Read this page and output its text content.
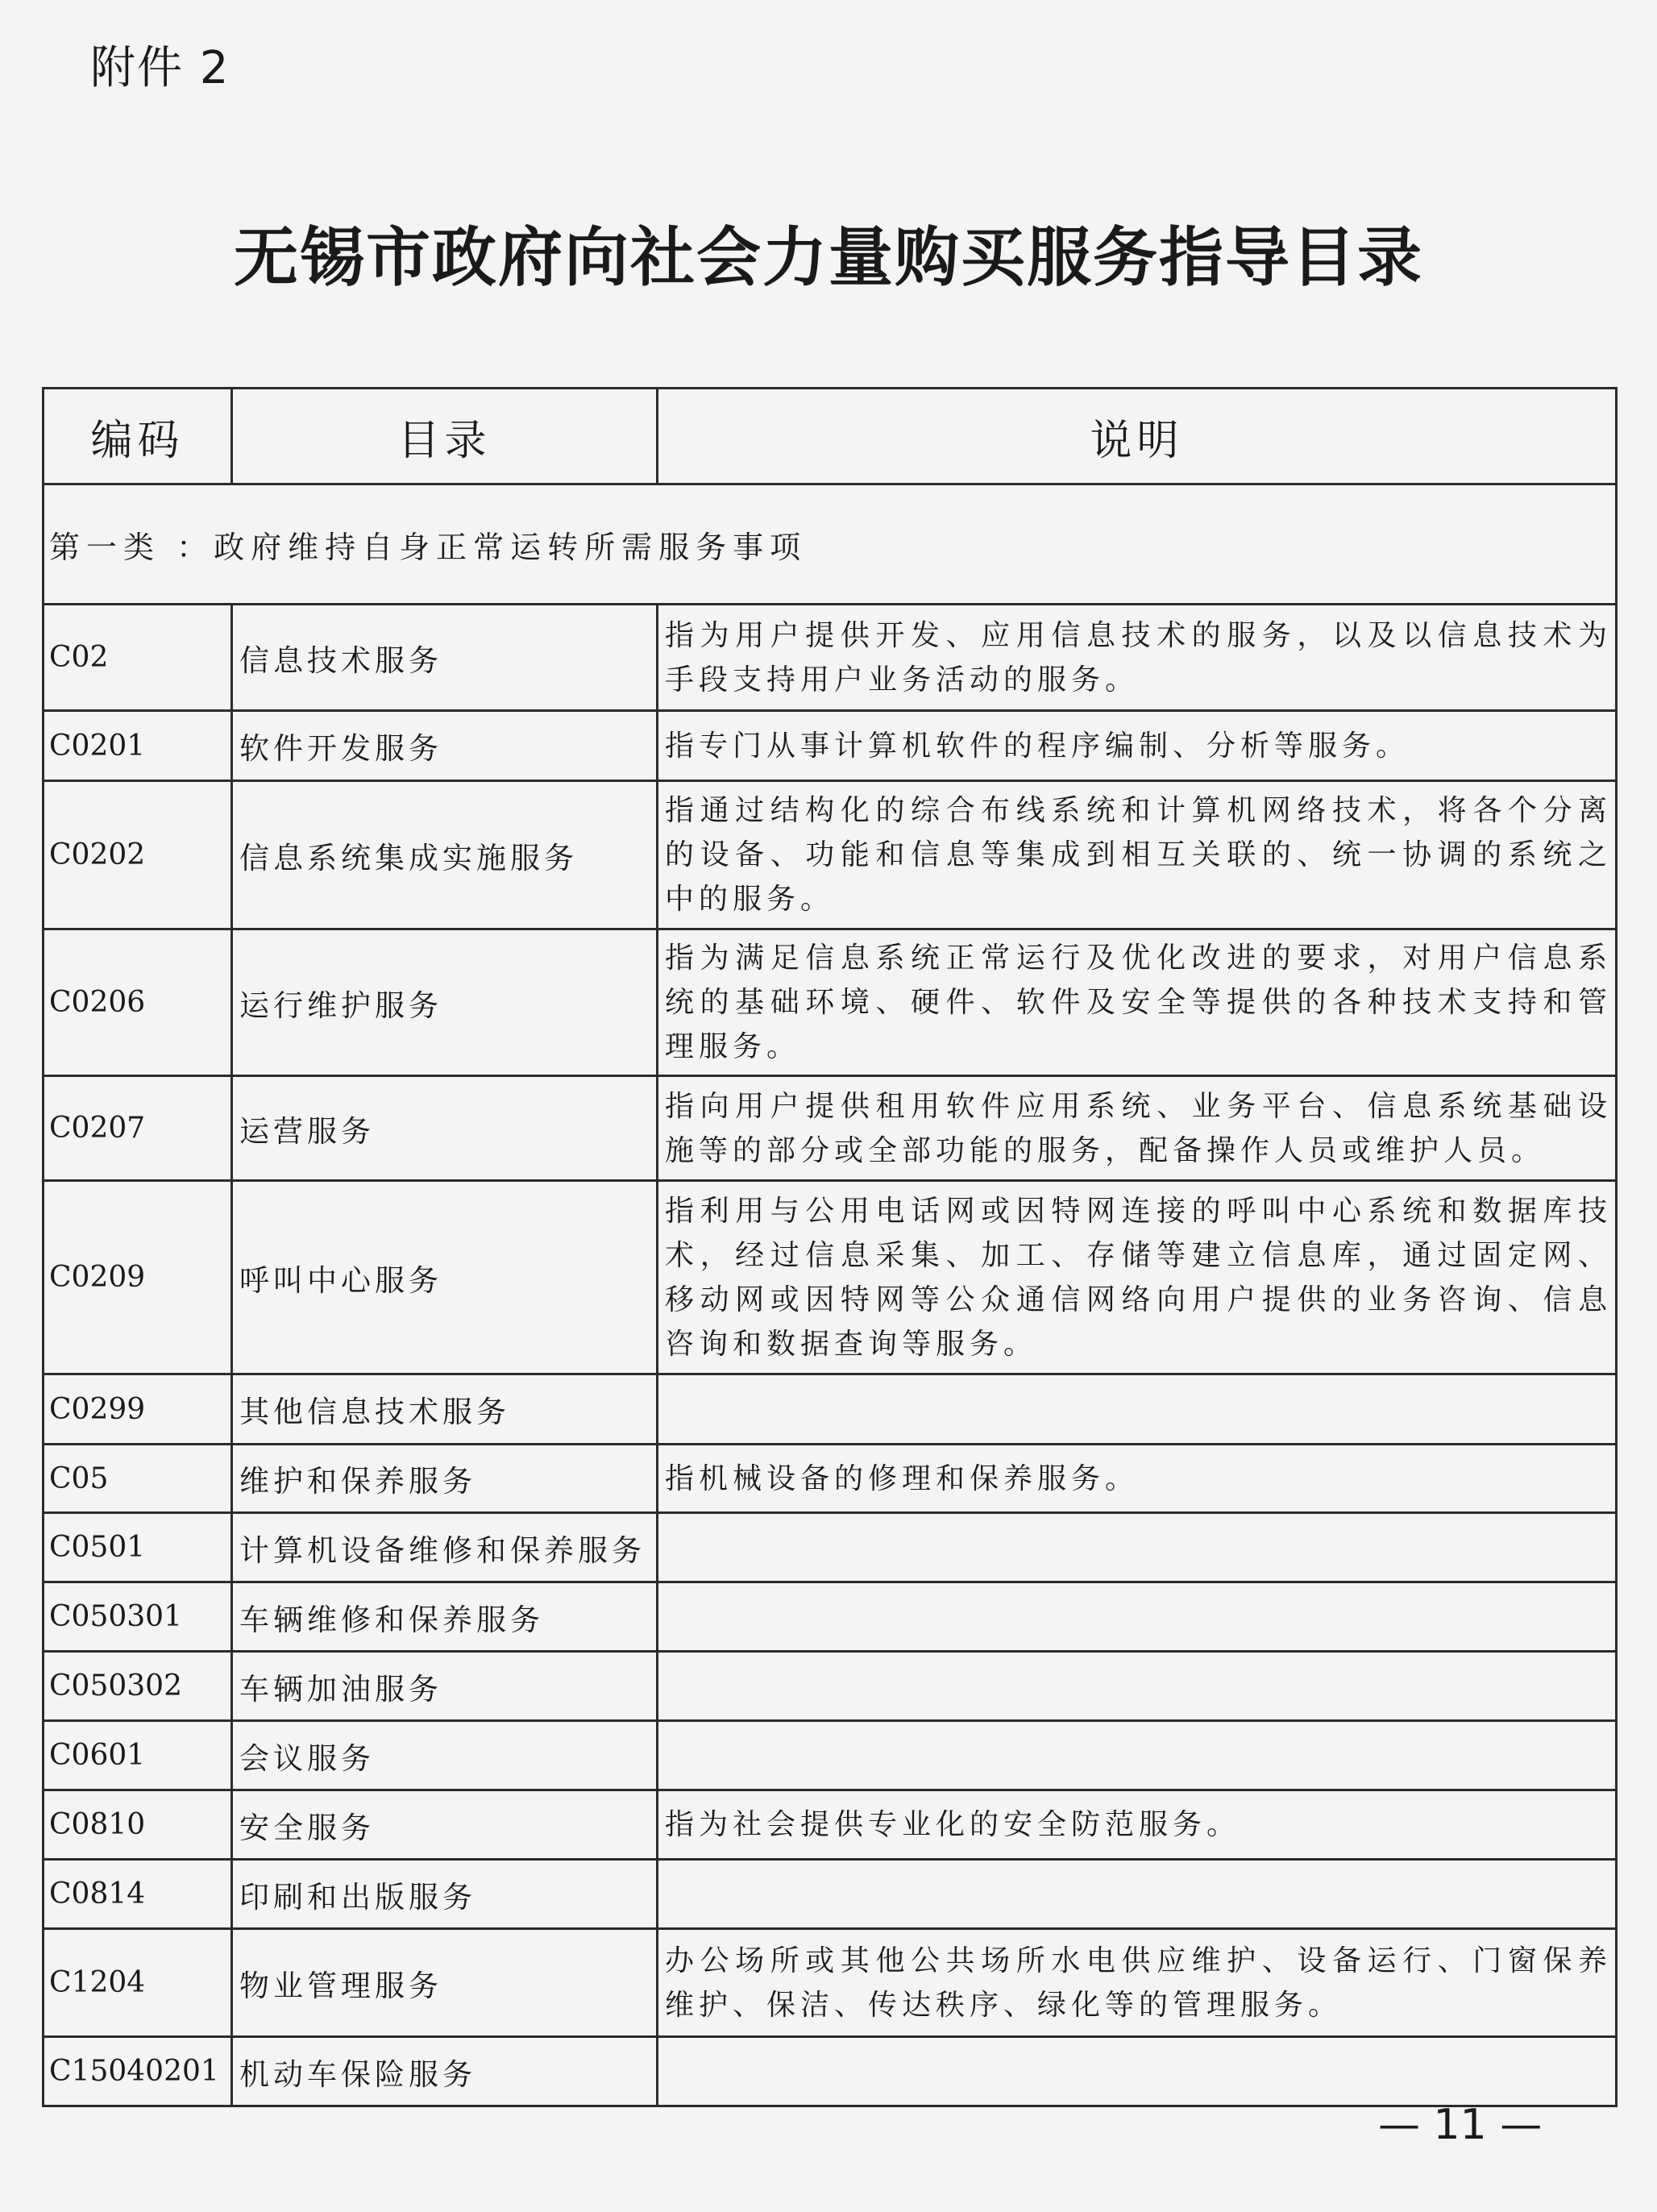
附件 2
无锡市政府向社会力量购买服务指导目录
编码	目录	说明
第一类 ：政府维持自身正常运转所需服务事项		
C02	信息技术服务	指为用户提供开发、应用信息技术的服务，以及以信息技术为手段支持用户业务活动的服务。
C0201	软件开发服务	指专门从事计算机软件的程序编制、分析等服务。
C0202	信息系统集成实施服务	指通过结构化的综合布线系统和计算机网络技术，将各个分离的设备、功能和信息等集成到相互关联的、统一协调的系统之中的服务。
C0206	运行维护服务	指为满足信息系统正常运行及优化改进的要求，对用户信息系统的基础环境、硬件、软件及安全等提供的各种技术支持和管理服务。
C0207	运营服务	指向用户提供租用软件应用系统、业务平台、信息系统基础设施等的部分或全部功能的服务，配备操作人员或维护人员。
C0209	呼叫中心服务	指利用与公用电话网或因特网连接的呼叫中心系统和数据库技术，经过信息采集、加工、存储等建立信息库，通过固定网、移动网或因特网等公众通信网络向用户提供的业务咨询、信息咨询和数据查询等服务。
C0299	其他信息技术服务	
C05	维护和保养服务	指机械设备的修理和保养服务。
C0501	计算机设备维修和保养服务	
C050301	车辆维修和保养服务	
C050302	车辆加油服务	
C0601	会议服务	
C0810	安全服务	指为社会提供专业化的安全防范服务。
C0814	印刷和出版服务	
C1204	物业管理服务	办公场所或其他公共场所水电供应维护、设备运行、门窗保养维护、保洁、传达秩序、绿化等的管理服务。
C15040201	机动车保险服务	
— 11 —
